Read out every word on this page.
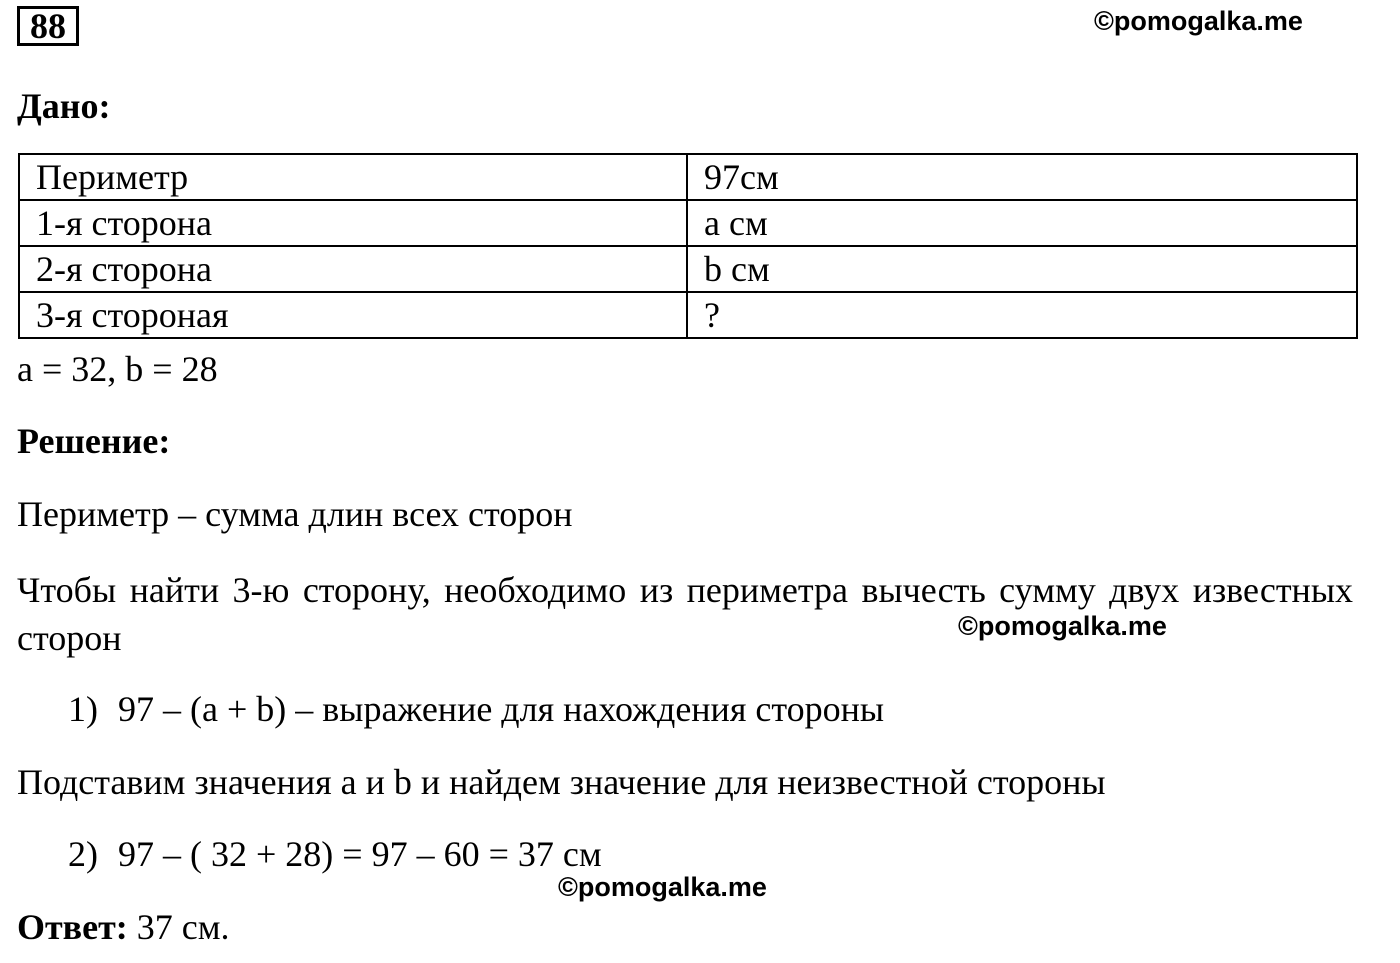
88	©pomogalka.me
Дано:
Периметр	97см
1-я сторона	а см
2-я сторона	b см
3-я стороная	?
а = 32, b = 28
Решение:
Периметр – сумма длин всех сторон
Чтобы найти 3-ю сторону, необходимо из периметра вычесть сумму двух известных сторон	©pomogalka.me
1) 97 – (а + b) – выражение для нахождения стороны
Подставим значения а и b и найдем значение для неизвестной стороны
2) 97 – ( 32 + 28) = 97 – 60 = 37 см
©pomogalka.me
Ответ: 37 см.
